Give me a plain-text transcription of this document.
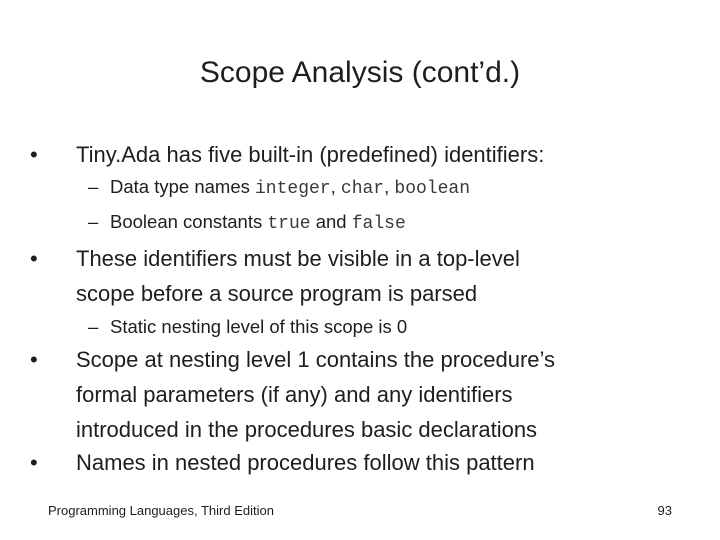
Scope Analysis (cont’d.)
• Tiny.Ada has five built-in (predefined) identifiers:
– Data type names integer, char, boolean
– Boolean constants true and false
• These identifiers must be visible in a top-level
scope before a source program is parsed
– Static nesting level of this scope is 0
• Scope at nesting level 1 contains the procedure’s
formal parameters (if any) and any identifiers
introduced in the procedures basic declarations
• Names in nested procedures follow this pattern
Programming Languages, Third Edition	93
